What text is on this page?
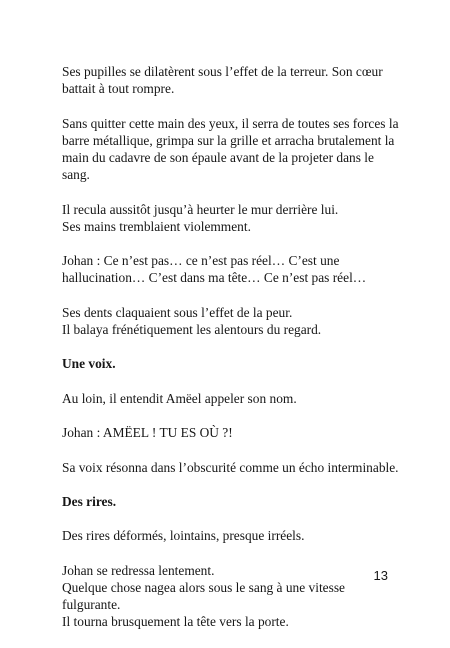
Ses pupilles se dilatèrent sous l’effet de la terreur. Son cœur
battait à tout rompre.

Sans quitter cette main des yeux, il serra de toutes ses forces la
barre métallique, grimpa sur la grille et arracha brutalement la
main du cadavre de son épaule avant de la projeter dans le
sang.

Il recula aussitôt jusqu’à heurter le mur derrière lui.
Ses mains tremblaient violemment.

Johan : Ce n’est pas… ce n’est pas réel… C’est une
hallucination… C’est dans ma tête… Ce n’est pas réel…

Ses dents claquaient sous l’effet de la peur.
Il balaya frénétiquement les alentours du regard.

Une voix.

Au loin, il entendit Amëel appeler son nom.

Johan : AMËEL ! TU ES OÙ ?!

Sa voix résonna dans l’obscurité comme un écho interminable.

Des rires.

Des rires déformés, lointains, presque irréels.

Johan se redressa lentement.
Quelque chose nagea alors sous le sang à une vitesse
fulgurante.
Il tourna brusquement la tête vers la porte.

13
